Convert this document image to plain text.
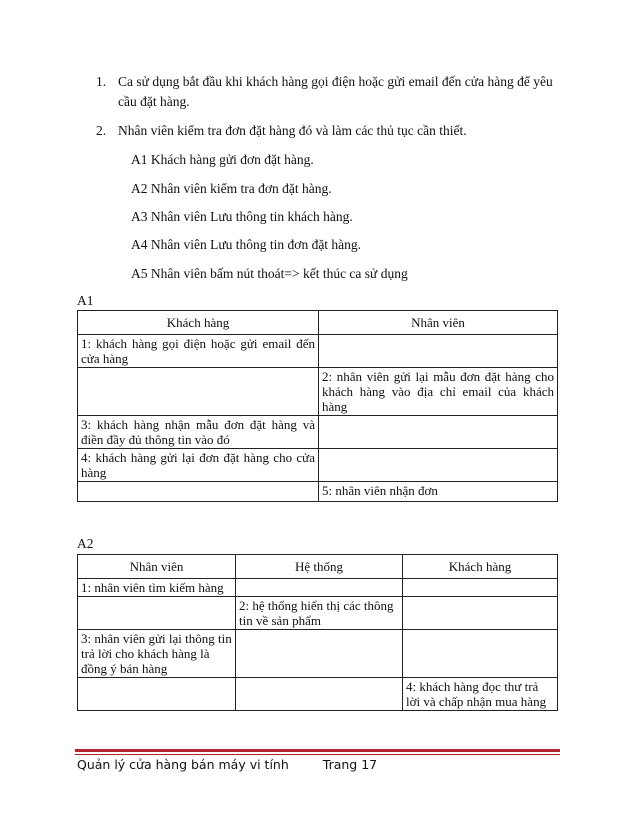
1. Ca sử dụng bắt đầu khi khách hàng gọi điện hoặc gửi email đến cửa hàng để yêu cầu đặt hàng.
2. Nhân viên kiểm tra đơn đặt hàng đó và làm các thủ tục cần thiết.
A1 Khách hàng gửi đơn đặt hàng.
A2 Nhân viên kiểm tra đơn đặt hàng.
A3 Nhân viên Lưu thông tin khách hàng.
A4 Nhân viên Lưu thông tin đơn đặt hàng.
A5 Nhân viên bấm nút thoát=> kết thúc ca sử dụng
A1
Khách hàng	Nhân viên
1: khách hàng gọi điện hoặc gửi email đến cửa hàng	
	2: nhân viên gửi lại mẫu đơn đặt hàng cho khách hàng vào địa chỉ email của khách hàng
3: khách hàng nhận mẫu đơn đặt hàng và điền đầy đủ thông tin vào đó	
4: khách hàng gửi lại đơn đặt hàng cho cửa hàng	
	5: nhân viên nhận đơn
A2
Nhân viên	Hệ thống	Khách hàng
1: nhân viên tìm kiếm hàng		
	2: hệ thống hiển thị các thông tin về sản phẩm	
3: nhân viên gửi lại thông tin trả lời cho khách hàng là đồng ý bán hàng		
		4: khách hàng đọc thư trả lời và chấp nhận mua hàng
Quản lý cửa hàng bán máy vi tính	Trang 17
